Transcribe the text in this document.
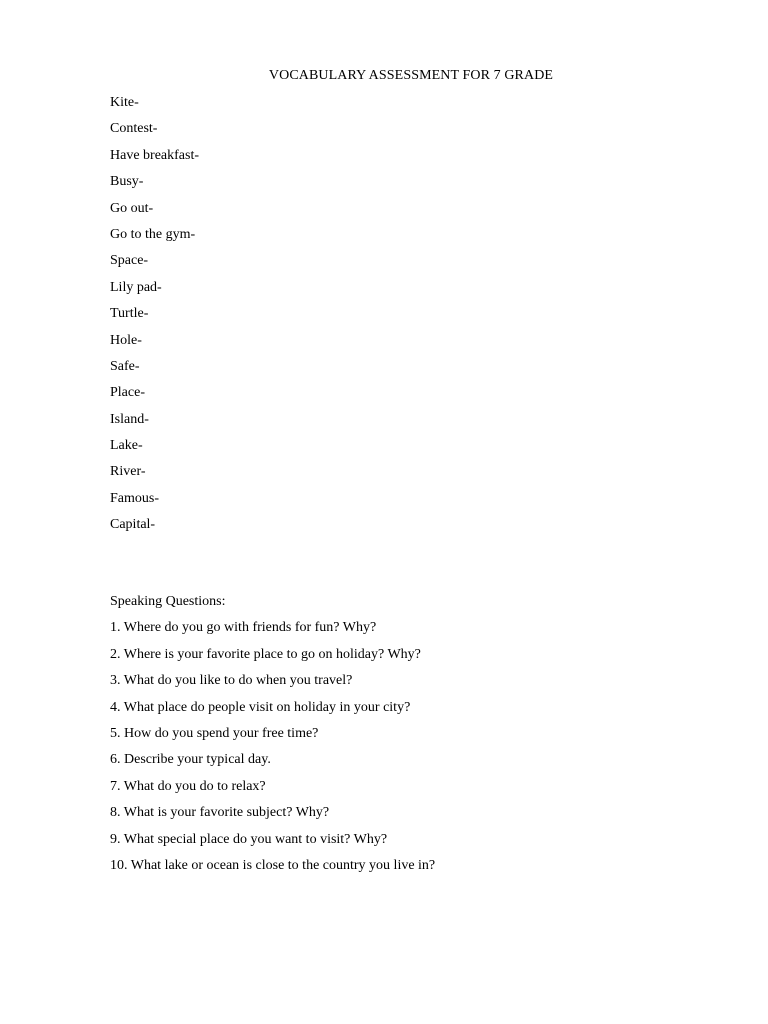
VOCABULARY ASSESSMENT FOR 7 GRADE
Kite-
Contest-
Have breakfast-
Busy-
Go out-
Go to the gym-
Space-
Lily pad-
Turtle-
Hole-
Safe-
Place-
Island-
Lake-
River-
Famous-
Capital-
Speaking Questions:
1. Where do you go with friends for fun? Why?
2. Where is your favorite place to go on holiday? Why?
3. What do you like to do when you travel?
4. What place do people visit on holiday in your city?
5. How do you spend your free time?
6. Describe your typical day.
7. What do you do to relax?
8. What is your favorite subject? Why?
9. What special place do you want to visit? Why?
10. What lake or ocean is close to the country you live in?
